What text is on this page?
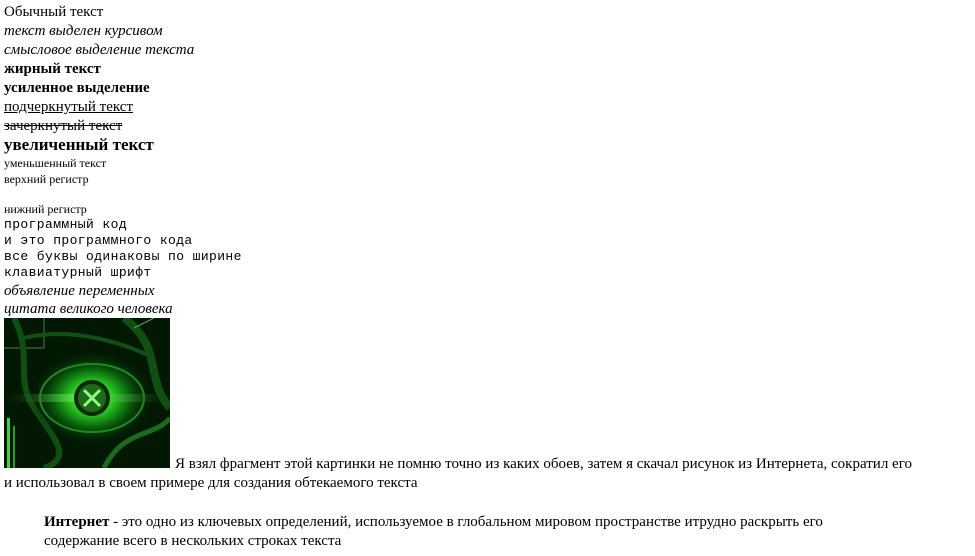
Обычный текст
текст выделен курсивом
смысловое выделение текста
жирный текст
усиленное выделение
подчеркнутый текст
зачеркнутый текст
увеличенный текст
уменьшенный текст
верхний регистр
нижний регистр
программный код
и это программного кода
все буквы одинаковы по ширине
клавиатурный шрифт
объявление переменных
цитата великого человека
Я взял фрагмент этой картинки не помню точно из каких обоев, затем я скачал рисунок из Интернета, сократил его
и использовал в своем примере для создания обтекаемого текста
Интернет - это одно из ключевых определений, используемое в глобальном мировом пространстве итрудно раскрыть его
содержание всего в нескольких строках текста
